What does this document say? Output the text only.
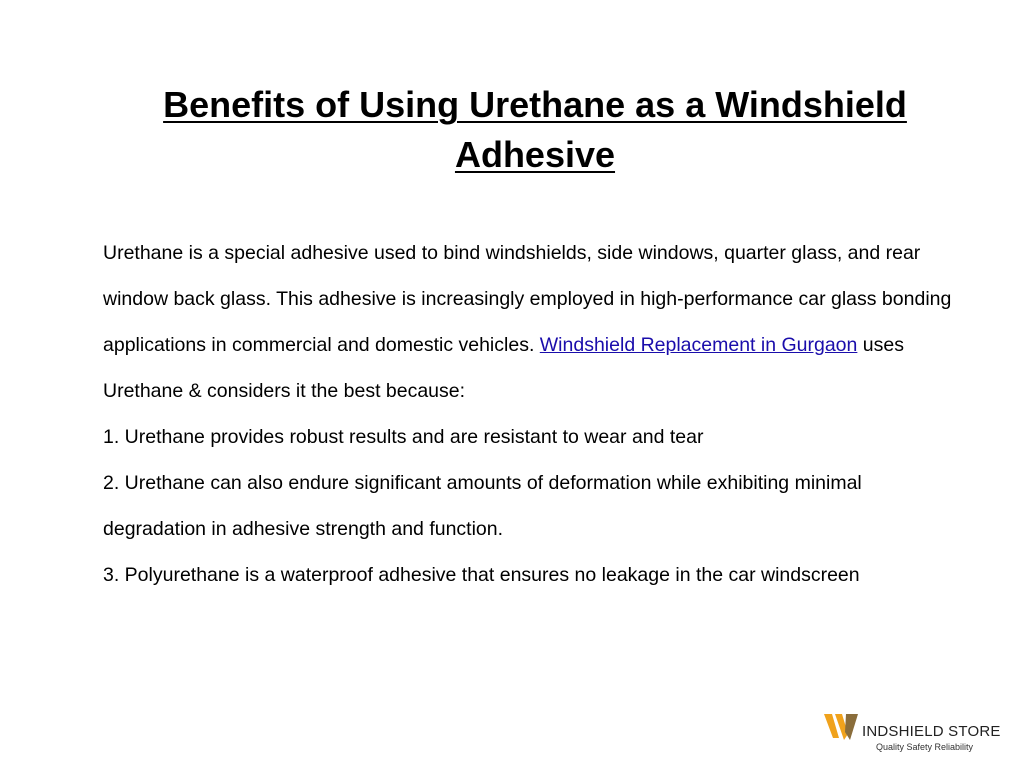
Benefits of Using Urethane as a Windshield
Adhesive

Urethane is a special adhesive used to bind windshields, side windows, quarter glass, and rear window back glass. This adhesive is increasingly employed in high-performance car glass bonding applications in commercial and domestic vehicles. Windshield Replacement in Gurgaon uses Urethane & considers it the best because:

1. Urethane provides robust results and are resistant to wear and tear

2. Urethane can also endure significant amounts of deformation while exhibiting minimal degradation in adhesive strength and function.

3. Polyurethane is a waterproof adhesive that ensures no leakage in the car windscreen

INDSHIELD STORE
Quality Safety Reliability
